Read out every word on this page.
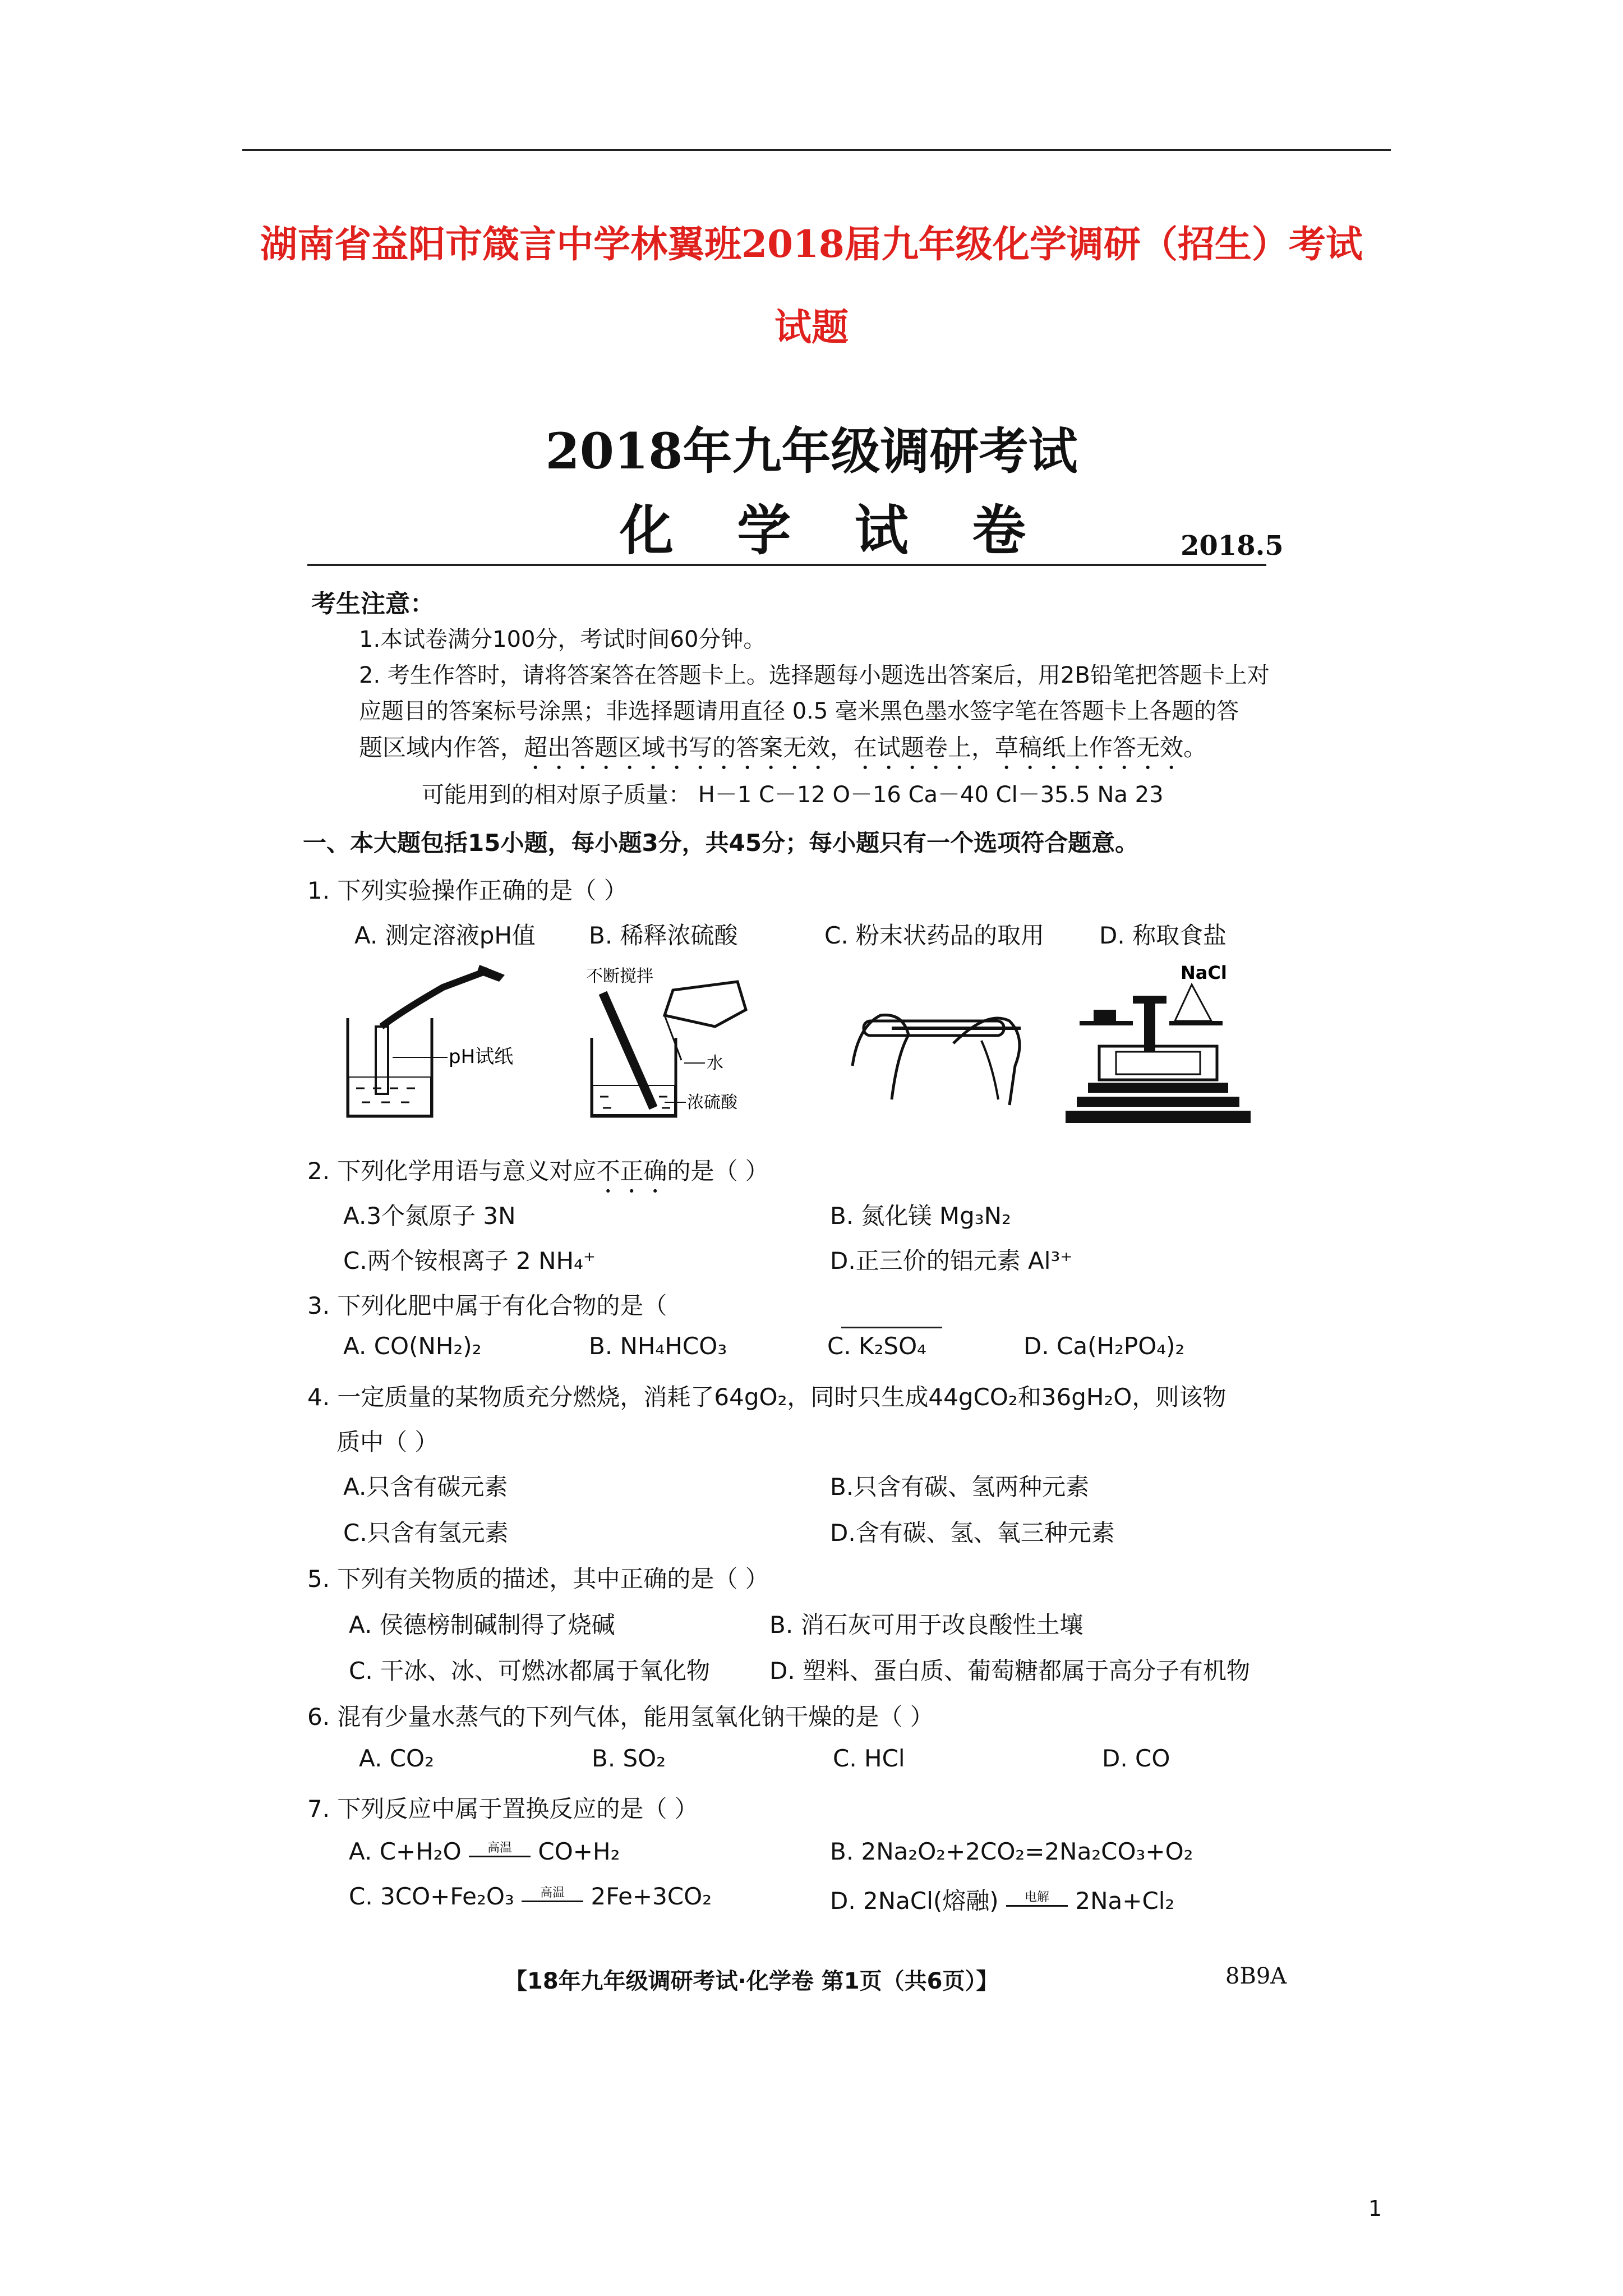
湖南省益阳市箴言中学林翼班2018届九年级化学调研（招生）考试
试题
2018年九年级调研考试
化 学 试 卷	2018.5
考生注意：
1.本试卷满分100分，考试时间60分钟。
2. 考生作答时，请将答案答在答题卡上。选择题每小题选出答案后，用2B铅笔把答题卡上对
应题目的答案标号涂黑；非选择题请用直径 0.5 毫米黑色墨水签字笔在答题卡上各题的答
题区域内作答，超出答题区域书写的答案无效，在试题卷上，草稿纸上作答无效。
可能用到的相对原子质量： H－1 C－12 O－16 Ca－40 Cl－35.5 Na 23
一、本大题包括15小题，每小题3分，共45分；每小题只有一个选项符合题意。
1. 下列实验操作正确的是（ ）
A. 测定溶液pH值 B. 稀释浓硫酸	C. 粉末状药品的取用 D. 称取食盐
pH试纸
不断搅拌
水
浓硫酸
NaCl
2. 下列化学用语与意义对应不正确的是（ ）
A.3个氮原子 3N	B. 氮化镁 Mg₃N₂
C.两个铵根离子 2 NH₄⁺	D.正三价的铝元素 Al³⁺
3. 下列化肥中属于有化合物的是（
A. CO(NH₂)₂	B. NH₄HCO₃	C. K₂SO₄	D. Ca(H₂PO₄)₂
4. 一定质量的某物质充分燃烧，消耗了64gO₂，同时只生成44gCO₂和36gH₂O，则该物
质中（ ）
A.只含有碳元素	B.只含有碳、氢两种元素
C.只含有氢元素	D.含有碳、氢、氧三种元素
5. 下列有关物质的描述，其中正确的是（ ）
A. 侯德榜制碱制得了烧碱	B. 消石灰可用于改良酸性土壤
C. 干冰、冰、可燃冰都属于氧化物	D. 塑料、蛋白质、葡萄糖都属于高分子有机物
6. 混有少量水蒸气的下列气体，能用氢氧化钠干燥的是（ ）
A. CO₂	B. SO₂	C. HCl	D. CO
7. 下列反应中属于置换反应的是（ ）
A. C+H₂O 高温 CO+H₂	B. 2Na₂O₂+2CO₂=2Na₂CO₃+O₂
C. 3CO+Fe₂O₃ 高温 2Fe+3CO₂	D. 2NaCl(熔融) 电解 2Na+Cl₂
【18年九年级调研考试·化学卷 第1页（共6页）】	8B9A
1
